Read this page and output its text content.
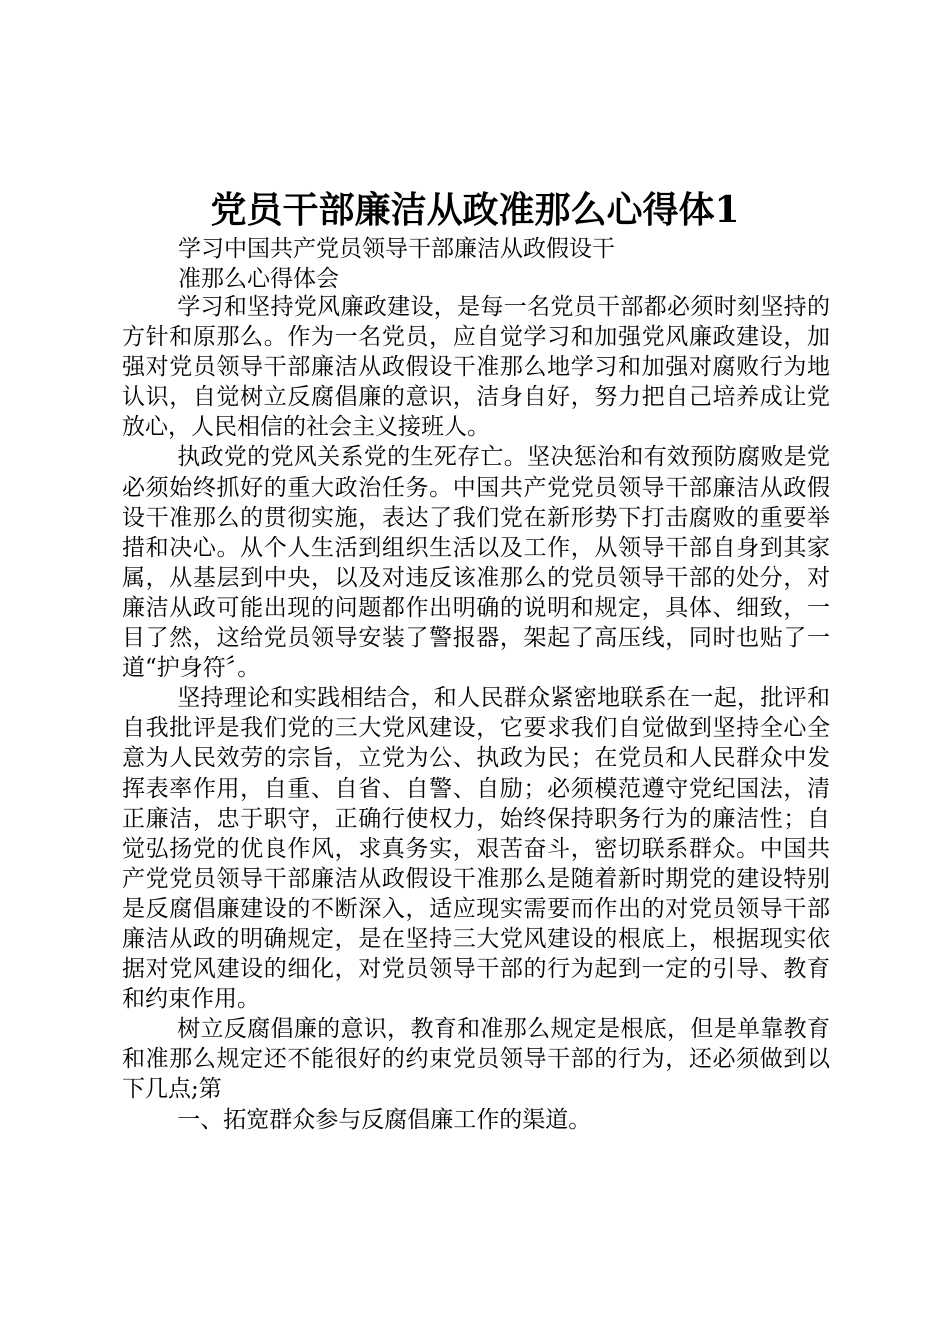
党员干部廉洁从政准那么心得体1
学习中国共产党员领导干部廉洁从政假设干
准那么心得体会

学习和坚持党风廉政建设，是每一名党员干部都必须时刻坚持的方针和原那么。作为一名党员，应自觉学习和加强党风廉政建设，加强对党员领导干部廉洁从政假设干准那么地学习和加强对腐败行为地认识，自觉树立反腐倡廉的意识，洁身自好，努力把自己培养成让党放心，人民相信的社会主义接班人。

执政党的党风关系党的生死存亡。坚决惩治和有效预防腐败是党必须始终抓好的重大政治任务。中国共产党党员领导干部廉洁从政假设干准那么的贯彻实施，表达了我们党在新形势下打击腐败的重要举措和决心。从个人生活到组织生活以及工作，从领导干部自身到其家属，从基层到中央，以及对违反该准那么的党员领导干部的处分，对廉洁从政可能出现的问题都作出明确的说明和规定，具体、细致，一目了然，这给党员领导安装了警报器，架起了高压线，同时也贴了一道“护身符〞。

坚持理论和实践相结合，和人民群众紧密地联系在一起，批评和自我批评是我们党的三大党风建设，它要求我们自觉做到坚持全心全意为人民效劳的宗旨，立党为公、执政为民；在党员和人民群众中发挥表率作用，自重、自省、自警、自励；必须模范遵守党纪国法，清正廉洁，忠于职守，正确行使权力，始终保持职务行为的廉洁性；自觉弘扬党的优良作风，求真务实，艰苦奋斗，密切联系群众。中国共产党党员领导干部廉洁从政假设干准那么是随着新时期党的建设特别是反腐倡廉建设的不断深入，适应现实需要而作出的对党员领导干部廉洁从政的明确规定，是在坚持三大党风建设的根底上，根据现实依据对党风建设的细化，对党员领导干部的行为起到一定的引导、教育和约束作用。

树立反腐倡廉的意识，教育和准那么规定是根底，但是单靠教育和准那么规定还不能很好的约束党员领导干部的行为，还必须做到以下几点;第

一、拓宽群众参与反腐倡廉工作的渠道。
